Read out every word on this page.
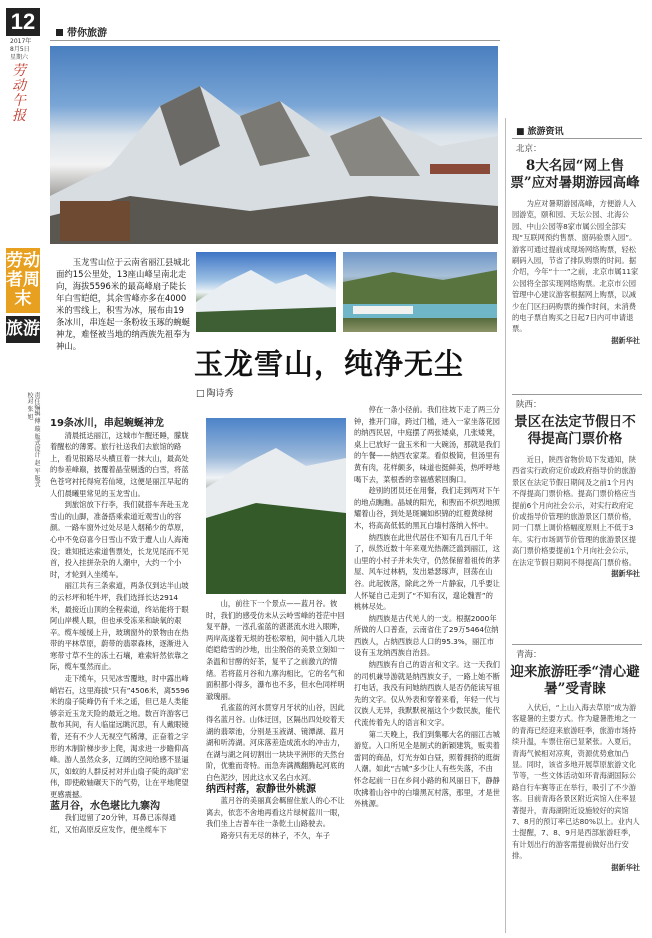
12
2017年
8月5日
星期六
劳动午报
带你旅游
劳动者周末
旅游
责任编辑 傅 璇 版式设计 赵 军 版式校对 张 旭
玉龙雪山位于云南省丽江县城北面约15公里处，13座山峰呈南北走向，海拔5596米的最高峰扇子陡长年白雪皑皑，其余雪峰亦多在4000米的雪线上，积雪为冰，展布由19条冰川，串连起一条粉妆玉琢的蜿蜒神龙，难怪被当地的纳西族先祖奉为神山。
玉龙雪山，纯净无尘
□ 陶诗秀

19条冰川，串起蜿蜒神龙

清晨抵达丽江，这城市乍醒还睡，朦胧着醒松的薄雾。旅行社送我们去旅馆的路上，看见银路尽头横亘着一抹大山，最高处的参差峰巅，披覆着晶莹剔透的白雪，将蓝色苍穹衬托得宛若仙境，这便是丽江早起的人们晨曦里常见的玉龙雪山。

到旅馆放下行李，我们就搭车奔赴玉龙雪山的山脚，准备搭乘索道近观雪山的容颜。一路车窗外过处尽是人烟稀少的草原，心中不免窃喜今日雪山不致于遭人山人海淹没；谁知抵达索道售票处，长龙见尾而不见首，投入挂拼杂杂的人潮中，大约一个小时，才轮到入坐缆车。

丽江共有三条索道，两条仅到达半山坡的云杉坪和牦牛坪，我们选择长达2914米，最接近山顶的全程索道，终站能将于眼阿山岸模人眼，但也承受冻来和缺氧的艰辛。缆车缓缓上升，玻璃窗外的景物由在热带的平林草原，蔚带的翡翠森林，逐渐进入寒带寸草不生的冻土石壤，难索轩然依靠之际，缆车戛然而止。

走下缆车，只见冰雪覆地，时中露出峰峭岩石，这里海拔“只有”4506米，离5596米的扇子陡峰仍有千米之遥，但已是人类能够亲近玉龙天险的最近之地。数百许游客已散布其间，有人临崖远眺沉思，有人戴眼镜着，还有不少人无视空气稀薄，正奋着之字形的木制阶梯步步上爬，渴求进一步瞻仰高峰。游人虽然众多，辽阔的空间给感不显逼仄，如蚁的人群反衬对并山扇子陡的高旷宏伟，即使敞轴碾天下的气势，让在平地爬望更感震撼。

蓝月谷，水色堪比九寨沟

我们逗留了20分钟，耳鼻已冻得通红，又怕高原反应发作，便坐缆车下

山，前往下一个景点——蓝月谷。彼时，我们的感受仿未从云岭雪峰的苍茫中回复平静，一泓孔雀蓝的湛湛流水进入眼眸，两岸高遂着无垠的苍松翠柏，间中插入几块皑皑皓雪的沙地，出尘脱俗的美景立刻如一条温和甘醇的好茶，复平了之前激亢的情绪。若将蓝月谷和九寨沟相比，它的名气和面积都小得多，瀑布也不多，但水色同样明澈瑰丽。

孔雀蓝的河水贯穿月牙状的山谷，因此得名蓝月谷。山体迂回，区隔出四处咬着天湖的翡翠池，分别是玉液湖、镜潭湖、蓝月湖和听涛湖。河床落差造成流水的冲击力，在湖与湖之间切割出一块块平洲形的天然台阶，优雅而奇特。而急奔满溅翻腾起河底的白色泥沙，因此这水又名白水河。

纳西村落，寂静世外桃源

蓝月谷的美丽真会羁留住旅人的心不让离去，依恋不舍地再看这片绿树蓝川一眼，我们坐上吉普车往一条乾土山路驶去。

路旁只有无尽的林子，不久，车子

停在一条小径前。我们往坡下走了两三分钟，推开门扉，跨过门槛，进入一家坐落花园的纳西民居，中庭摆了两张矮桌，几张矮凳，桌上已放好一盘玉米和一大碗汤，那就是我们的午餐——纳西农家菜。看似极简，但汤里有黄有肉，花样颇多，味道也挺鲜美，热呼呼地喝下去，菜根香的幸福感萦回胸口。

趁别的团员还在用餐，我们走到两对下午的地点瞧瞧。晶城的阳光，和煦而不炽烈地照耀着山谷，到处是斑斓如织锦的红橙黄绿树木，将高高低低的黑瓦白墙村落纳入怀中。

纳西族在此世代居住不知有几百几千年了，纵然近数十年来观光热潮泛滥到丽江，这山里的小村子并未失守，仍然保留着祖传的茅屋、风车过林柄，发出悬瑟琢声，回荡在山谷。此起彼落，除此之外一片静寂，几乎要让人怀疑自己走到了“不知有汉，遑论魏晋”的桃林尽处。

纳西族是古代羌人的一支。根据2000年所做的人口普查，云南省住了29万5464位纳西族人，占纳西族总人口的95.3%，丽江市设有玉龙纳西族自治县。

纳西族有自己的语言和文字。这一天我们的司机兼导游就是纳西族女子，一路上她不断打电话，我没有问她纳西族人是否仍能读写祖先的文字。仅从外表和穿着来看，年轻一代与汉族人无异，我默默祝福这个少数民族，能代代流传着先人的语言和文字。

第二天晚上，我们到集哪大名的丽江古城游览。入口所见全是制式的新颖建筑，贩卖着雷同的商品，灯光夯如白昼，照着拥挤的逛街人潮。如此“古城”多少让人有些失落，不由怀念起前一日在乡间小路的和风丽日下，静静吹拂着山谷中的白墙黑瓦村落，那里，才是世外桃源。

■ 旅游资讯
北京：
8大名园“网上售票”应对暑期游园高峰
为应对暑期游园高峰，方便游人入园游览，颐和园、天坛公园、北海公园、中山公园等8家市属公园全部实现“互联网预约售票、窗码验票入园”。游客可通过提前成现场网络购票，轻松刷码入园，节省了排队购票的时间。据介绍，今年“十一”之前，北京市属11家公园将全部实现网络购票。北京市公园管理中心建议游客根据网上购票，以减少在门区扫码购票的操作时间，未消费的电子票自购买之日起7日内可申请退票。
据新华社
陕西：
景区在法定节假日不得提高门票价格
近日，陕西省物价局下发通知，陕西省实行政府定价或政府指导价的旅游景区在法定节假日期间及之前1个月内不得提高门票价格。提高门票价格应当提前6个月向社会公示，对实行政府定价或指导价管理的旅游景区门票价格，同一门票上调价格幅度原则上不低于3年。实行市场调节价管理的旅游景区提高门票价格要提前1个月向社会公示，在法定节假日期间不得提高门票价格。
据新华社
青海：
迎来旅游旺季“清心避暑”受青睐
入伏后，“上山入海去草原”成为游客避暑的主要方式。作为避暑胜地之一的青海已经迎来旅游旺季，旅游市场持续升温，车票住宿已显紧张。入夏后，青海气候相对凉爽，资源优势愈加凸显。同时，该省多地开展草原旅游文化节等，一些文体活动如环青海湖国际公路自行车赛等正在举行，吸引了不少游客。目前青海各景区附近宾馆入住率显著提升，青海湖附近设施较好的宾馆7、8月的预订率已达80%以上。业内人士提醒，7、8、9月是西部旅游旺季，有计划出行的游客需提前做好出行安排。
据新华社
